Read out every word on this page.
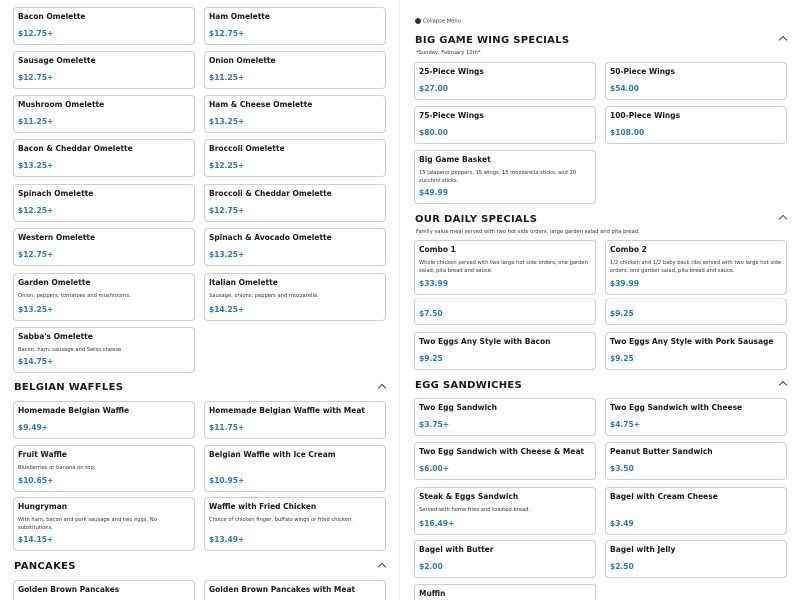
Bacon Omelette
$12.75+
Ham Omelette
$12.75+
Sausage Omelette
$12.75+
Onion Omelette
$11.25+
Mushroom Omelette
$11.25+
Ham & Cheese Omelette
$13.25+
Bacon & Cheddar Omelette
$13.25+
Broccoli Omelette
$12.25+
Spinach Omelette
$12.25+
Broccoli & Cheddar Omelette
$12.75+
Western Omelette
$12.75+
Spinach & Avocado Omelette
$13.25+
Garden Omelette
Onion, peppers, tomatoes and mushrooms.
$13.25+
Italian Omelette
Sausage, onions, peppers and mozzarella.
$14.25+
Sabba's Omelette
Bacon, ham, sausage and Swiss cheese.
$14.75+
BELGIAN WAFFLES
Homemade Belgian Waffle
$9.49+
Homemade Belgian Waffle with Meat
$11.75+
Fruit Waffle
Blueberries or banana on top.
$10.65+
Belgian Waffle with Ice Cream
$10.95+
Hungryman
With ham, bacon and pork sausage and two eggs. No substitutions.
$14.15+
Waffle with Fried Chicken
Choice of chicken finger, buffalo wings or fried chicken.
$13.49+
PANCAKES
Golden Brown Pancakes	Golden Brown Pancakes with Meat
Collapse Menu
BIG GAME WING SPECIALS
*Sunday, February 12th*
25-Piece Wings
$27.00
50-Piece Wings
$54.00
75-Piece Wings
$80.00
100-Piece Wings
$108.00
Big Game Basket
15 jalapeno peppers, 15 wings, 15 mozzarella sticks, and 20 zucchini sticks.
$49.99
OUR DAILY SPECIALS
Family value meal served with two hot side orders, large garden salad and pita bread.
Combo 1
Whole chicken served with two large hot side orders, one garden salad, pita bread and sauce.
$33.99
Combo 2
1/2 chicken and 1/2 baby back ribs served with two large hot side orders, one garden salad, pita bread and sauce.
$39.99
$7.50	$9.25
Two Eggs Any Style with Bacon
$9.25
Two Eggs Any Style with Pork Sausage
$9.25
EGG SANDWICHES
Two Egg Sandwich
$3.75+
Two Egg Sandwich with Cheese
$4.75+
Two Egg Sandwich with Cheese & Meat
$6.00+
Peanut Butter Sandwich
$3.50
Steak & Eggs Sandwich
Served with home fries and toasted bread.
$16.49+
Bagel with Cream Cheese
$3.49
Bagel with Butter
$2.00
Bagel with Jelly
$2.50
Muffin
